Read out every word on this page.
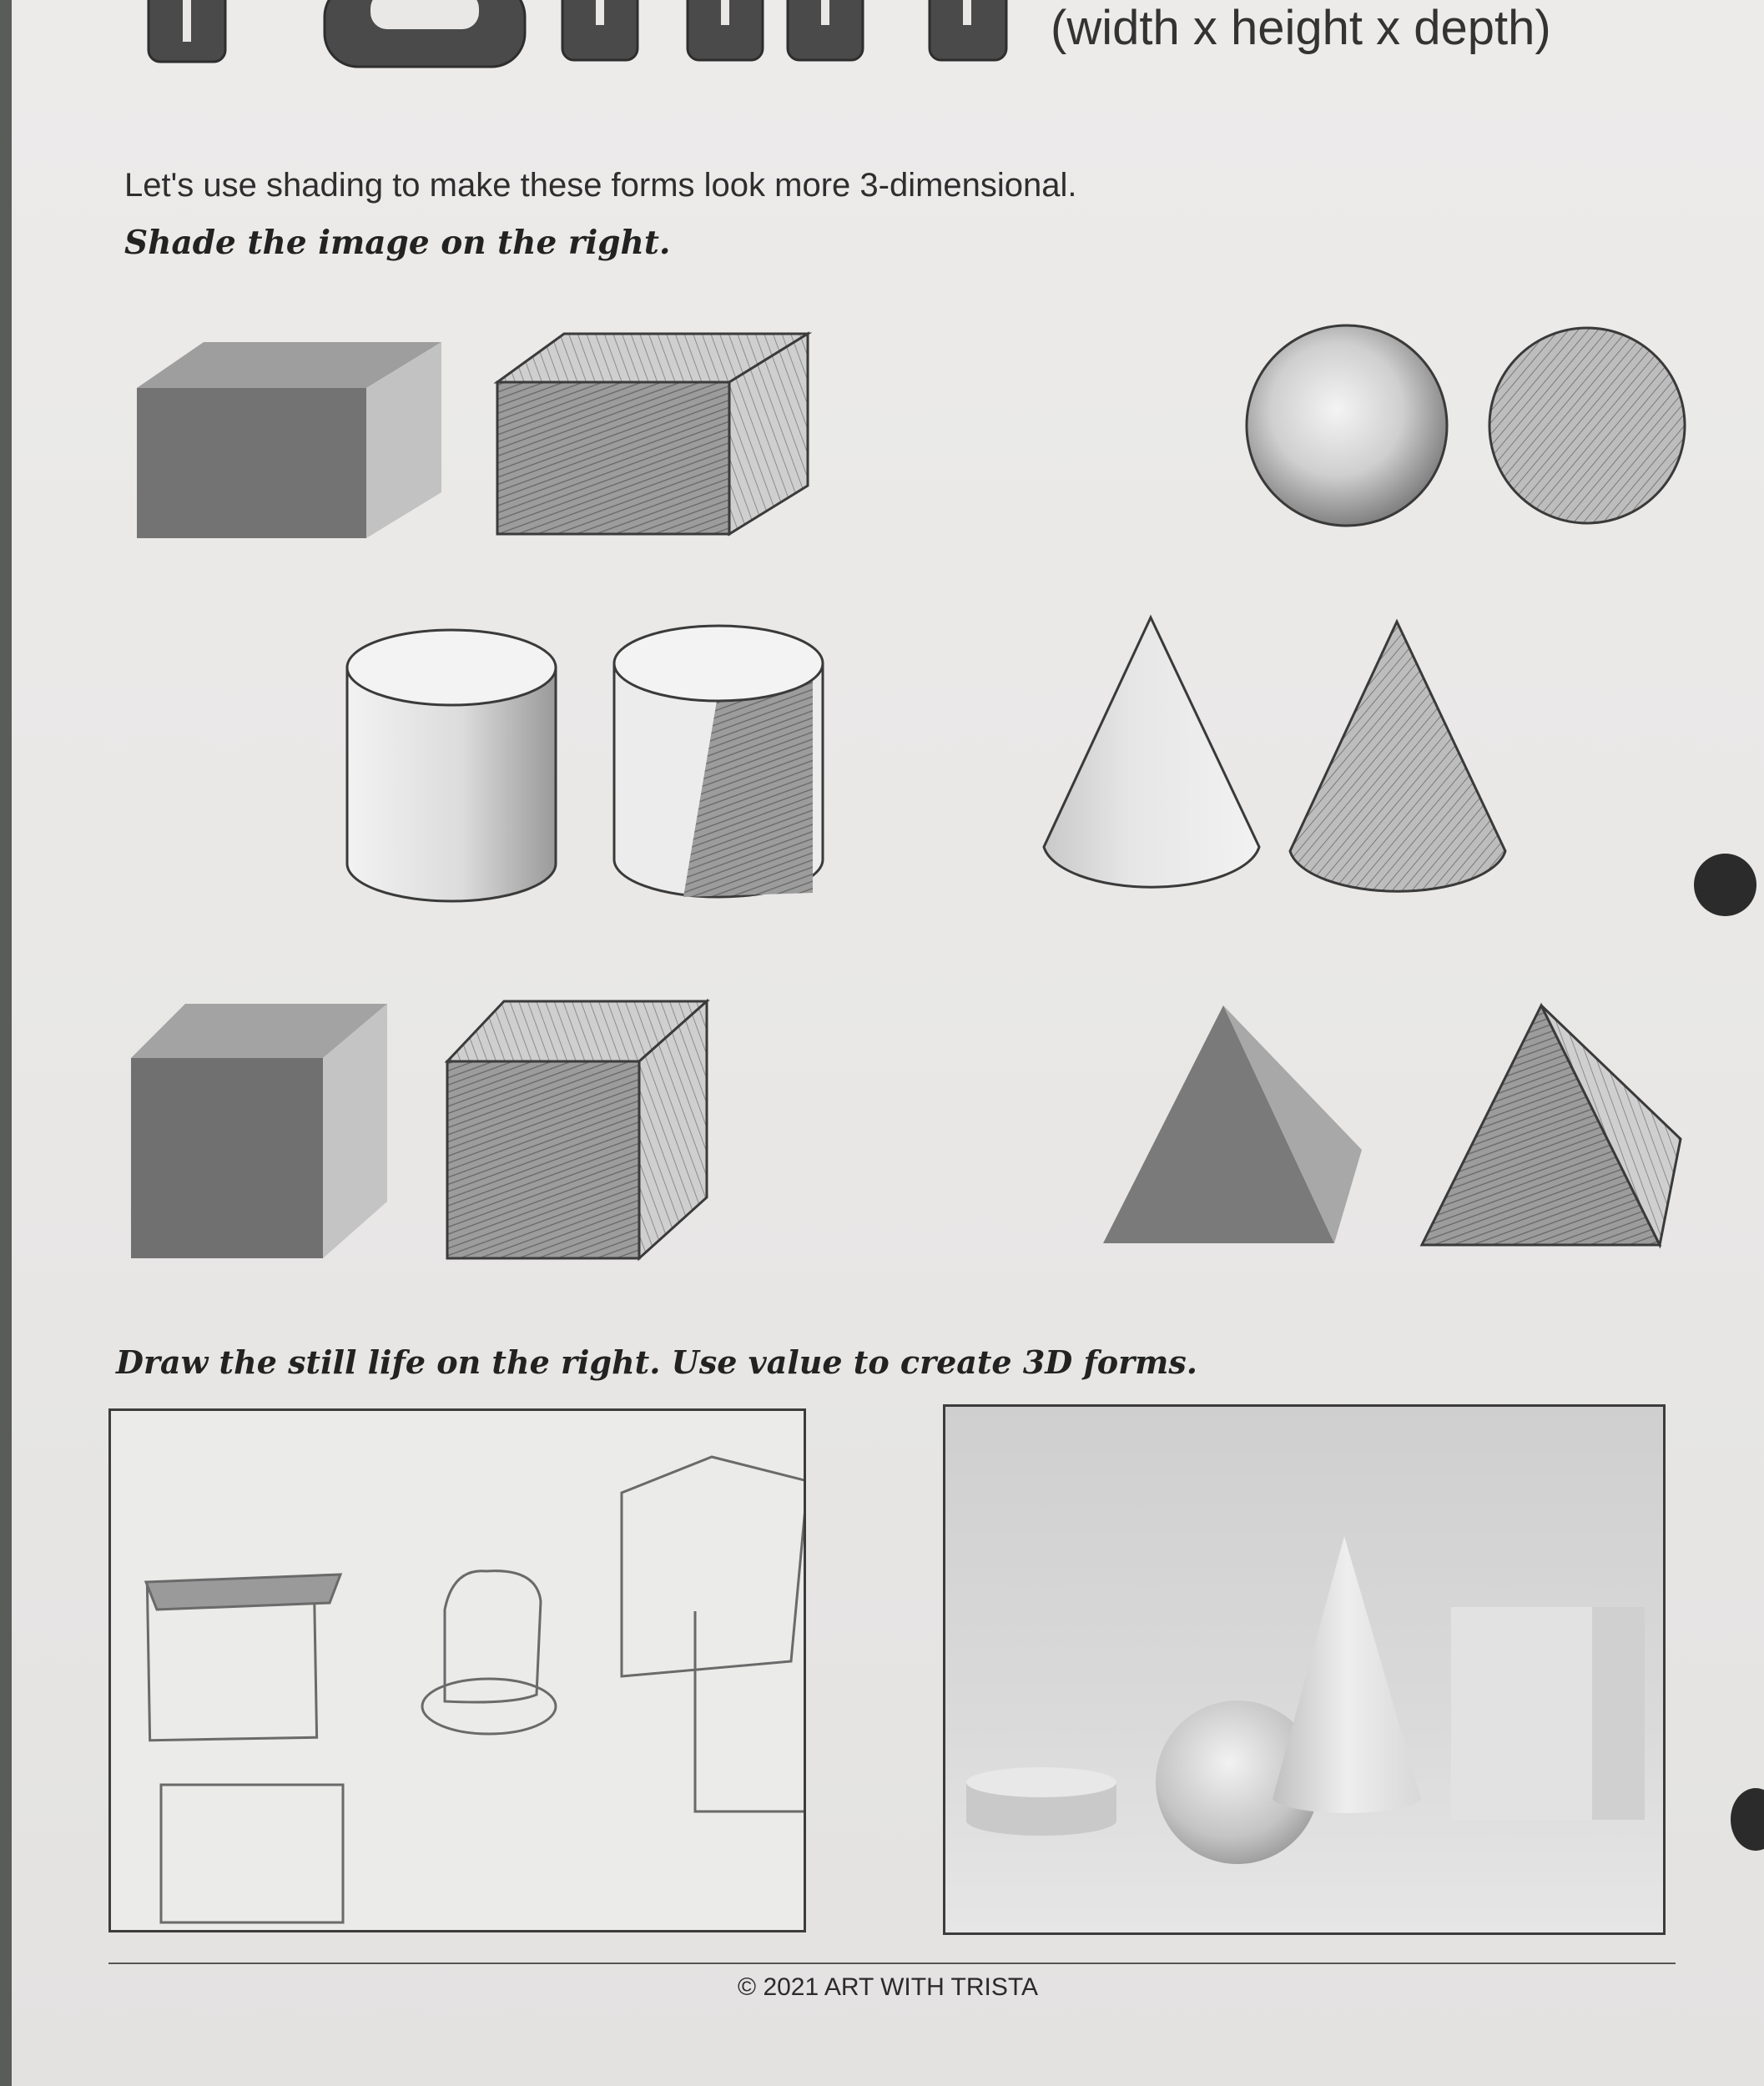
(width x height x depth)
Let's use shading to make these forms look more 3-dimensional.
Shade the image on the right.
Draw the still life on the right. Use value to create 3D forms.
© 2021 ART WITH TRISTA
